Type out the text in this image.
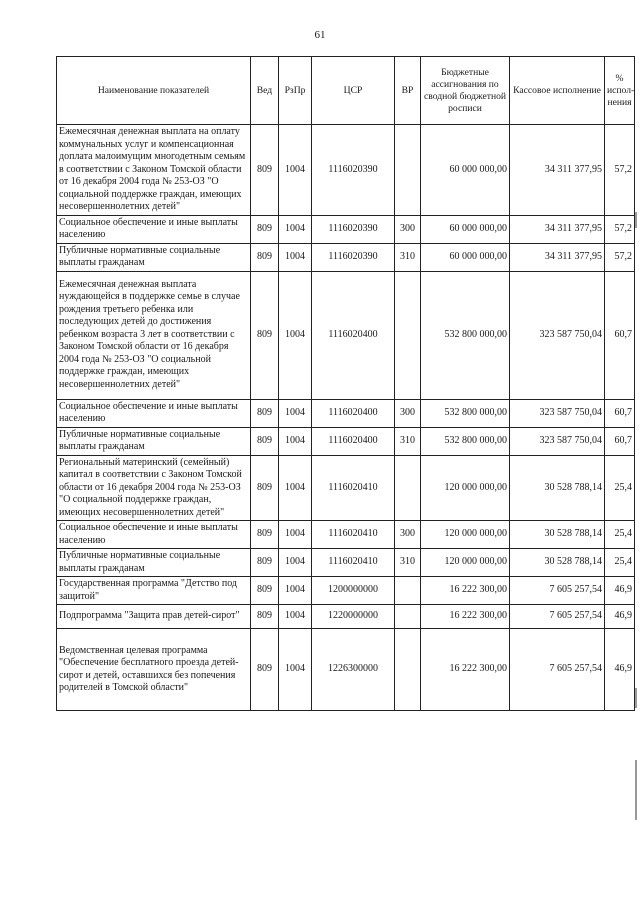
61
Наименование показателей	Вед	РзПр	ЦСР	ВР	Бюджетные ассигнования по сводной бюджетной росписи	Кассовое исполнение	% испол-нения
Ежемесячная денежная выплата на оплату коммунальных услуг и компенсационная доплата малоимущим многодетным семьям в соответствии с Законом Томской области от 16 декабря 2004 года № 253-ОЗ "О социальной поддержке граждан, имеющих несовершеннолетних детей"	809	1004	1116020390		60 000 000,00	34 311 377,95	57,2
Социальное обеспечение и иные выплаты населению	809	1004	1116020390	300	60 000 000,00	34 311 377,95	57,2
Публичные нормативные социальные выплаты гражданам	809	1004	1116020390	310	60 000 000,00	34 311 377,95	57,2
Ежемесячная денежная выплата нуждающейся в поддержке семье в случае рождения третьего ребенка или последующих детей до достижения ребенком возраста 3 лет в соответствии с Законом Томской области от 16 декабря 2004 года № 253-ОЗ "О социальной поддержке граждан, имеющих несовершеннолетних детей"	809	1004	1116020400		532 800 000,00	323 587 750,04	60,7
Социальное обеспечение и иные выплаты населению	809	1004	1116020400	300	532 800 000,00	323 587 750,04	60,7
Публичные нормативные социальные выплаты гражданам	809	1004	1116020400	310	532 800 000,00	323 587 750,04	60,7
Региональный материнский (семейный) капитал в соответствии с Законом Томской области от 16 декабря 2004 года № 253-ОЗ "О социальной поддержке граждан, имеющих несовершеннолетних детей"	809	1004	1116020410		120 000 000,00	30 528 788,14	25,4
Социальное обеспечение и иные выплаты населению	809	1004	1116020410	300	120 000 000,00	30 528 788,14	25,4
Публичные нормативные социальные выплаты гражданам	809	1004	1116020410	310	120 000 000,00	30 528 788,14	25,4
Государственная программа "Детство под защитой"	809	1004	1200000000		16 222 300,00	7 605 257,54	46,9
Подпрограмма "Защита прав детей-сирот"	809	1004	1220000000		16 222 300,00	7 605 257,54	46,9
Ведомственная целевая программа "Обеспечение бесплатного проезда детей-сирот и детей, оставшихся без попечения родителей в Томской области"	809	1004	1226300000		16 222 300,00	7 605 257,54	46,9
